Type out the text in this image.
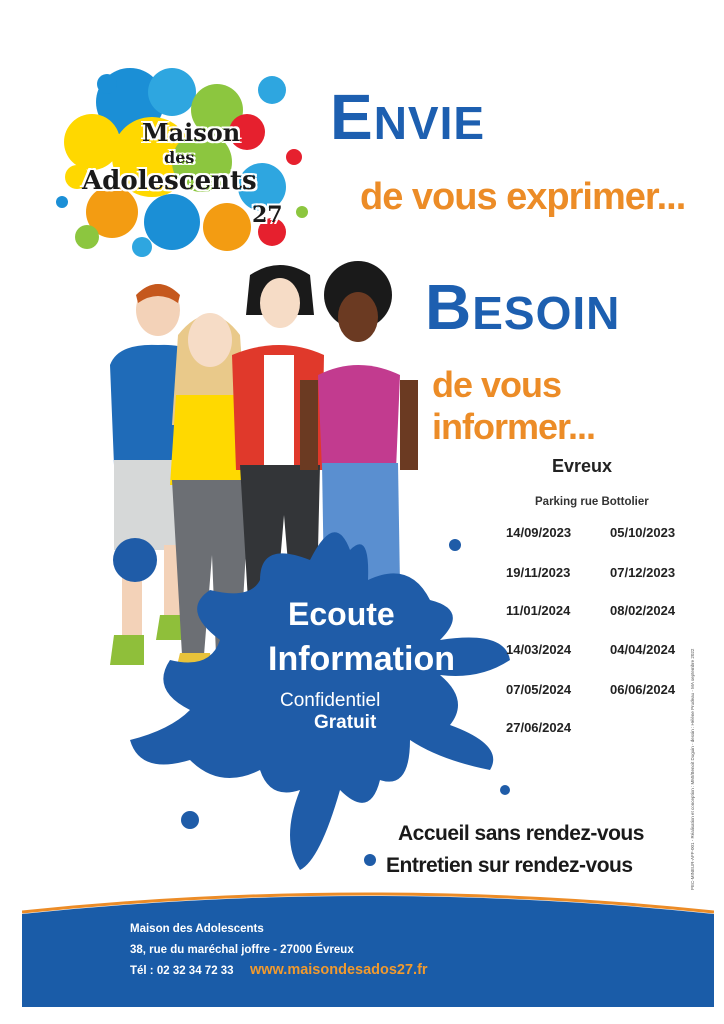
Maison
des
Adolescents
27
ENVIE
de vous exprimer...
BESOIN
de vous informer...
Ecoute
Information
Confidentiel
Gratuit
Evreux
Parking rue Bottolier
14/09/2023	05/10/2023
19/11/2023	07/12/2023
11/01/2024	08/02/2024
14/03/2024	04/04/2024
07/05/2024	06/06/2024
27/06/2024
Accueil sans rendez-vous
Entretien sur rendez-vous	PEC-MINEUR-AFF-001 - Réalisation et conception : MMI/Benoit Duguin - dessin : Hélène Prudeau - MA septembre 2022
Maison des Adolescents
38, rue du maréchal joffre - 27000 Évreux
Tél : 02 32 34 72 33 www.maisondesados27.fr
